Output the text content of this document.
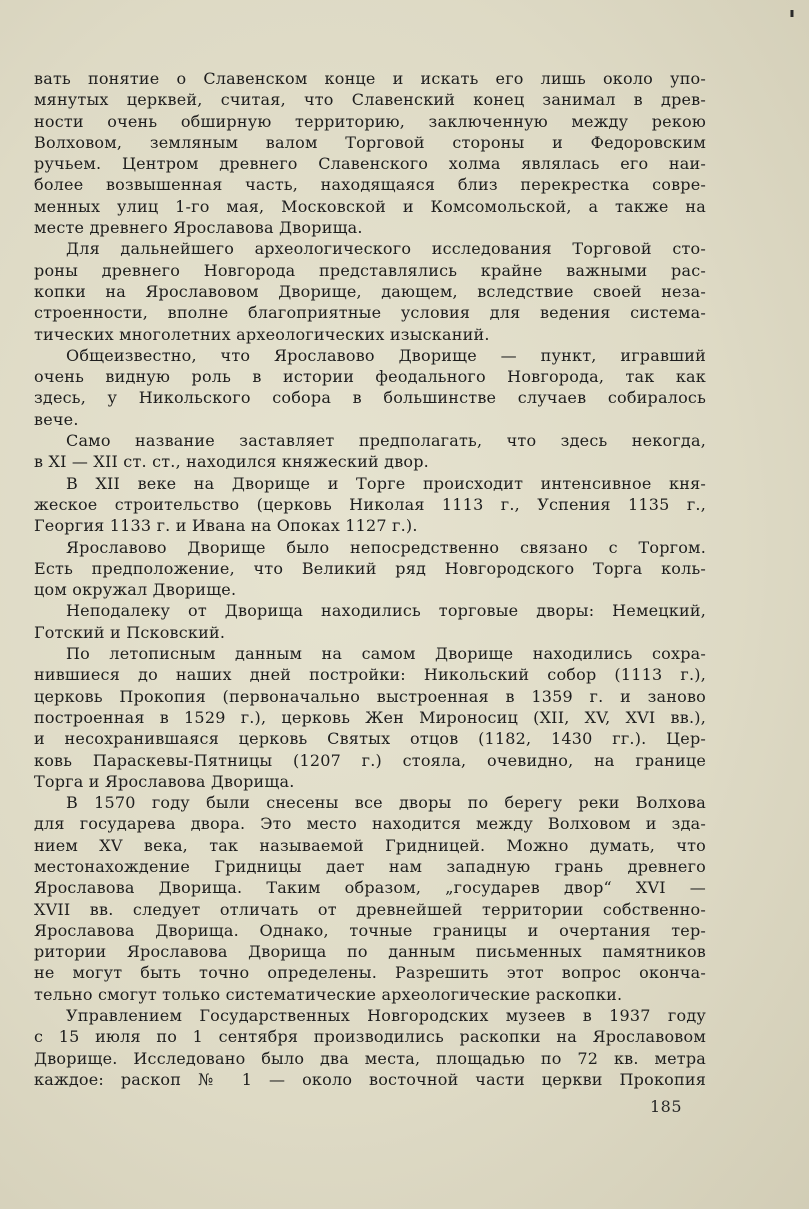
'
вать понятие о Славенском конце и искать его лишь около упо-
мянутых церквей, считая, что Славенский конец занимал в древ-
ности очень обширную территорию, заключенную между рекою
Волховом, земляным валом Торговой стороны и Федоровским
ручьем. Центром древнего Славенского холма являлась его наи-
более возвышенная часть, находящаяся близ перекрестка совре-
менных улиц 1-го мая, Московской и Комсомольской, а также на
месте древнего Ярославова Дворища.
Для дальнейшего археологического исследования Торговой сто-
роны древнего Новгорода представлялись крайне важными рас-
копки на Ярославовом Дворище, дающем, вследствие своей неза-
строенности, вполне благоприятные условия для ведения система-
тических многолетних археологических изысканий.
Общеизвестно, что Ярославово Дворище — пункт, игравший
очень видную роль в истории феодального Новгорода, так как
здесь, у Никольского собора в большинстве случаев собиралось
вече.
Само название заставляет предполагать, что здесь некогда,
в XI — XII ст. ст., находился княжеский двор.
В XII веке на Дворище и Торге происходит интенсивное кня-
жеское строительство (церковь Николая 1113 г., Успения 1135 г.,
Георгия 1133 г. и Ивана на Опоках 1127 г.).
Ярославово Дворище было непосредственно связано с Торгом.
Есть предположение, что Великий ряд Новгородского Торга коль-
цом окружал Дворище.
Неподалеку от Дворища находились торговые дворы: Немецкий,
Готский и Псковский.
По летописным данным на самом Дворище находились сохра-
нившиеся до наших дней постройки: Никольский собор (1113 г.),
церковь Прокопия (первоначально выстроенная в 1359 г. и заново
построенная в 1529 г.), церковь Жен Мироносиц (XII, XV, XVI вв.),
и несохранившаяся церковь Святых отцов (1182, 1430 гг.). Цер-
ковь Параскевы-Пятницы (1207 г.) стояла, очевидно, на границе
Торга и Ярославова Дворища.
В 1570 году были снесены все дворы по берегу реки Волхова
для государева двора. Это место находится между Волховом и зда-
нием XV века, так называемой Гридницей. Можно думать, что
местонахождение Гридницы дает нам западную грань древнего
Ярославова Дворища. Таким образом, „государев двор“ XVI —
XVII вв. следует отличать от древнейшей территории собственно-
Ярославова Дворища. Однако, точные границы и очертания тер-
ритории Ярославова Дворища по данным письменных памятников
не могут быть точно определены. Разрешить этот вопрос оконча-
тельно смогут только систематические археологические раскопки.
Управлением Государственных Новгородских музеев в 1937 году
с 15 июля по 1 сентября производились раскопки на Ярославовом
Дворище. Исследовано было два места, площадью по 72 кв. метра
каждое: раскоп № 1 — около восточной части церкви Прокопия
185
